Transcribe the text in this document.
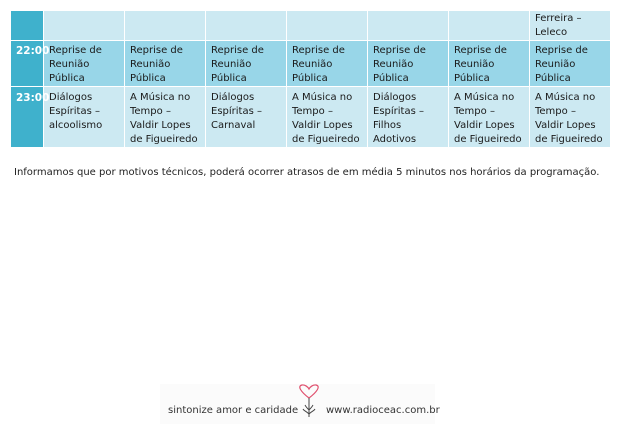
							Ferreira – Leleco
22:00	Reprise de Reunião Pública	Reprise de Reunião Pública	Reprise de Reunião Pública	Reprise de Reunião Pública	Reprise de Reunião Pública	Reprise de Reunião Pública	Reprise de Reunião Pública
23:00	Diálogos Espíritas – alcoolismo	A Música no Tempo – Valdir Lopes de Figueiredo	Diálogos Espíritas – Carnaval	A Música no Tempo – Valdir Lopes de Figueiredo	Diálogos Espíritas – Filhos Adotivos	A Música no Tempo – Valdir Lopes de Figueiredo	A Música no Tempo – Valdir Lopes de Figueiredo
Informamos que por motivos técnicos, poderá ocorrer atrasos de em média 5 minutos nos horários da programação.
sintonize amor e caridade	www.radioceac.com.br
